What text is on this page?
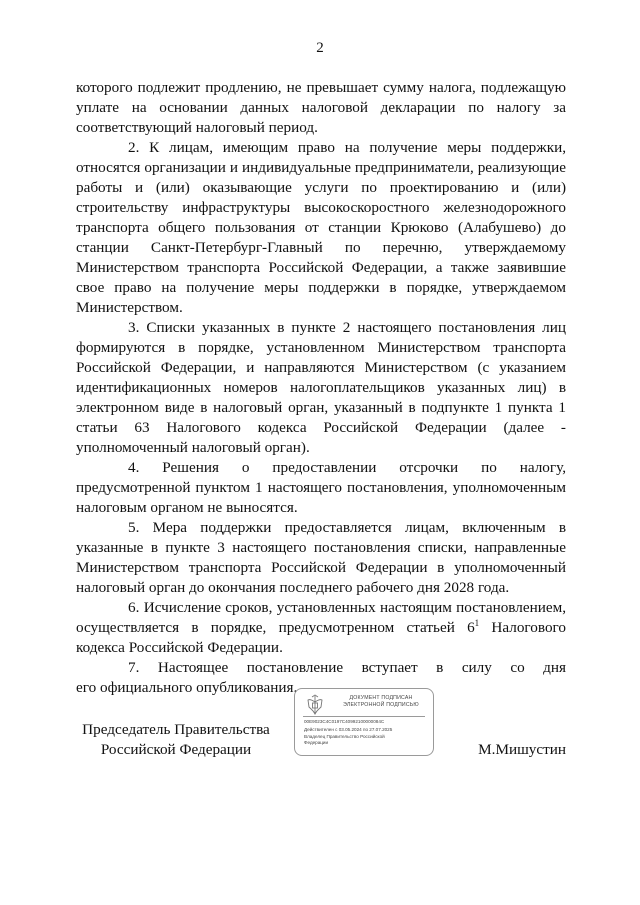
2

которого подлежит продлению, не превышает сумму налога, подлежащую уплате на основании данных налоговой декларации по налогу за соответствующий налоговый период.

2. К лицам, имеющим право на получение меры поддержки, относятся организации и индивидуальные предприниматели, реализующие работы и (или) оказывающие услуги по проектированию и (или) строительству инфраструктуры высокоскоростного железнодорожного транспорта общего пользования от станции Крюково (Алабушево) до станции Санкт-Петербург-Главный по перечню, утверждаемому Министерством транспорта Российской Федерации, а также заявившие свое право на получение меры поддержки в порядке, утверждаемом Министерством.

3. Списки указанных в пункте 2 настоящего постановления лиц формируются в порядке, установленном Министерством транспорта Российской Федерации, и направляются Министерством (с указанием идентификационных номеров налогоплательщиков указанных лиц) в электронном виде в налоговый орган, указанный в подпункте 1 пункта 1 статьи 63 Налогового кодекса Российской Федерации (далее - уполномоченный налоговый орган).

4. Решения о предоставлении отсрочки по налогу, предусмотренной пунктом 1 настоящего постановления, уполномоченным налоговым органом не выносятся.

5. Мера поддержки предоставляется лицам, включенным в указанные в пункте 3 настоящего постановления списки, направленные Министерством транспорта Российской Федерации в уполномоченный налоговый орган до окончания последнего рабочего дня 2028 года.

6. Исчисление сроков, установленных настоящим постановлением, осуществляется в порядке, предусмотренном статьей $6^1$ Налогового кодекса Российской Федерации.

7. Настоящее постановление вступает в силу со дня

его официального опубликования.

Председатель Правительства
Российской Федерации
ДОКУМЕНТ ПОДПИСАН
ЭЛЕКТРОННОЙ ПОДПИСЬЮ
00E9023C4C0197C40992100000084C
Действителен с 03.05.2024 по 27.07.2025
Владелец Правительство Российской
Федерации	М.Мишустин
